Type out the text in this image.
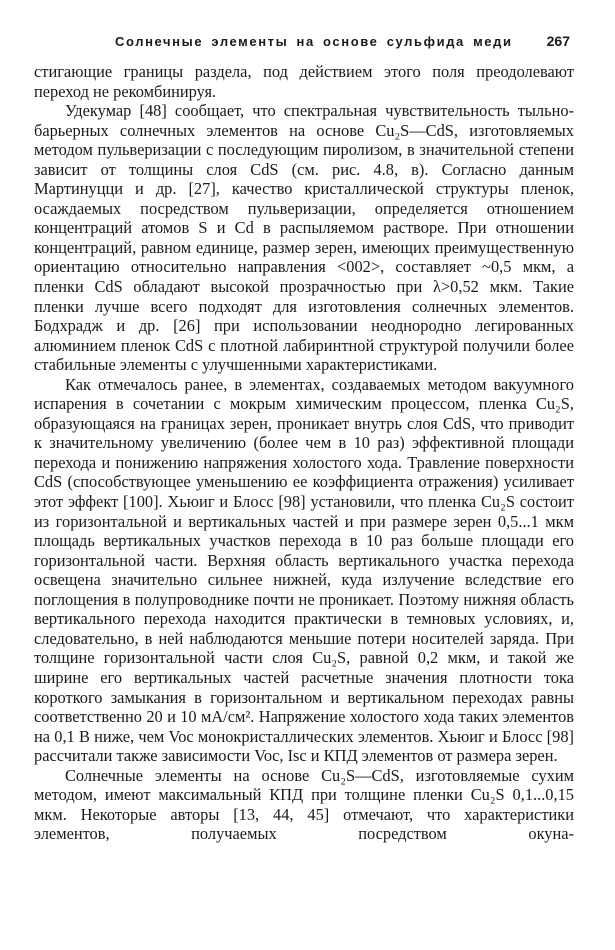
Солнечные элементы на основе сульфида меди 267

стигающие границы раздела, под действием этого поля преодолевают переход не рекомбинируя.

Удекумар [48] сообщает, что спектральная чувствительность тыльно-барьерных солнечных элементов на основе Cu₂S—CdS, изготовляемых методом пульверизации с последующим пиролизом, в значительной степени зависит от толщины слоя CdS (см. рис. 4.8, в). Согласно данным Мартинуцци и др. [27], качество кристаллической структуры пленок, осаждаемых посредством пульверизации, определяется отношением концентраций атомов S и Cd в распыляемом растворе. При отношении концентраций, равном единице, размер зерен, имеющих преимущественную ориентацию относительно направления <002>, составляет ~0,5 мкм, а пленки CdS обладают высокой прозрачностью при λ>0,52 мкм. Такие пленки лучше всего подходят для изготовления солнечных элементов. Бодхрадж и др. [26] при использовании неоднородно легированных алюминием пленок CdS с плотной лабиринтной структурой получили более стабильные элементы с улучшенными характеристиками.

Как отмечалось ранее, в элементах, создаваемых методом вакуумного испарения в сочетании с мокрым химическим процессом, пленка Cu₂S, образующаяся на границах зерен, проникает внутрь слоя CdS, что приводит к значительному увеличению (более чем в 10 раз) эффективной площади перехода и понижению напряжения холостого хода. Травление поверхности CdS (способствующее уменьшению ее коэффициента отражения) усиливает этот эффект [100]. Хьюиг и Блосс [98] установили, что пленка Cu₂S состоит из горизонтальной и вертикальных частей и при размере зерен 0,5...1 мкм площадь вертикальных участков перехода в 10 раз больше площади его горизонтальной части. Верхняя область вертикального участка перехода освещена значительно сильнее нижней, куда излучение вследствие его поглощения в полупроводнике почти не проникает. Поэтому нижняя область вертикального перехода находится практически в темновых условиях, и, следовательно, в ней наблюдаются меньшие потери носителей заряда. При толщине горизонтальной части слоя Cu₂S, равной 0,2 мкм, и такой же ширине его вертикальных частей расчетные значения плотности тока короткого замыкания в горизонтальном и вертикальном переходах равны соответственно 20 и 10 мА/см². Напряжение холостого хода таких элементов на 0,1 В ниже, чем Voc монокристаллических элементов. Хьюиг и Блосс [98] рассчитали также зависимости Voc, Isc и КПД элементов от размера зерен.

Солнечные элементы на основе Cu₂S—CdS, изготовляемые сухим методом, имеют максимальный КПД при толщине пленки Cu₂S 0,1...0,15 мкм. Некоторые авторы [13, 44, 45] отмечают, что характеристики элементов, получаемых посредством окуна-
